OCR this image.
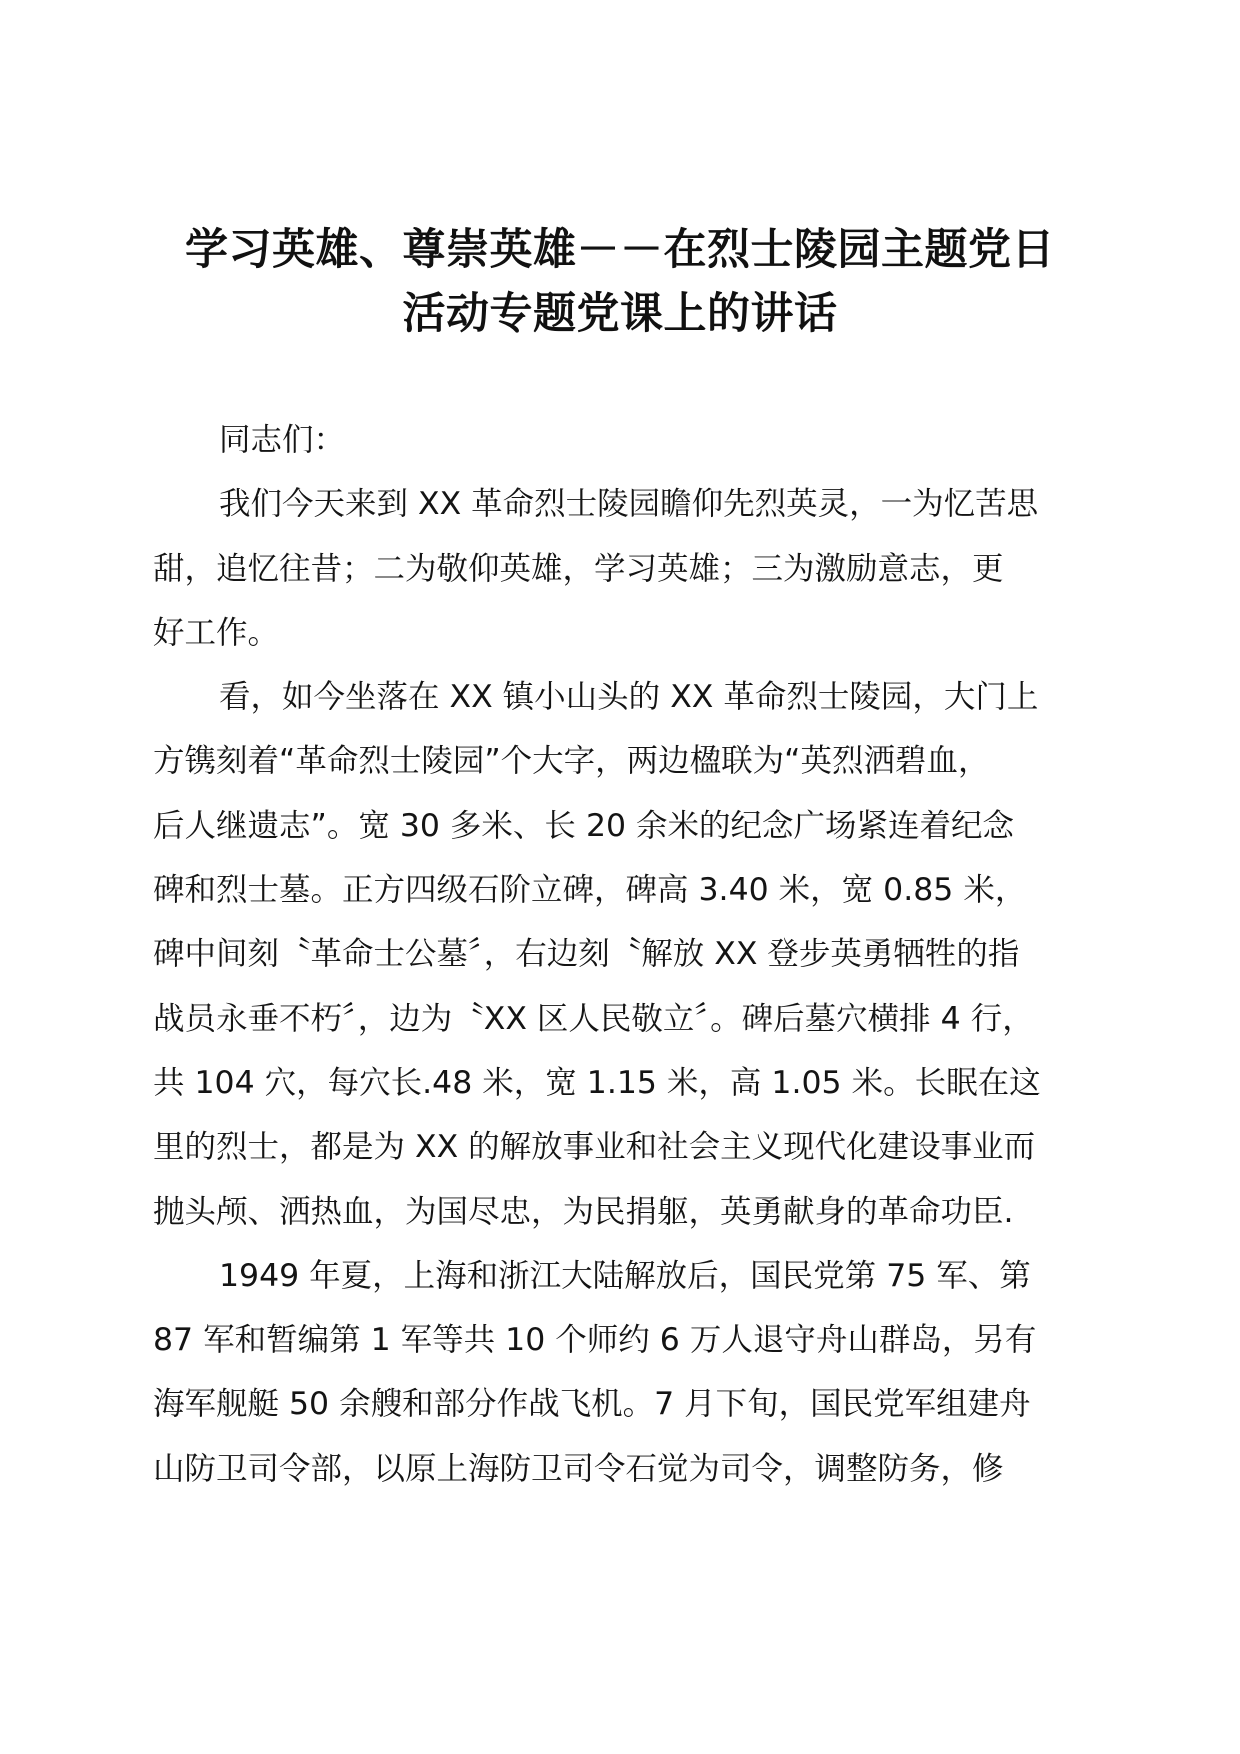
学习英雄、尊崇英雄－－在烈士陵园主题党日
活动专题党课上的讲话
同志们：
我们今天来到 XX 革命烈士陵园瞻仰先烈英灵，一为忆苦思
甜，追忆往昔；二为敬仰英雄，学习英雄；三为激励意志，更
好工作。
看，如今坐落在 XX 镇小山头的 XX 革命烈士陵园，大门上
方镌刻着“革命烈士陵园”个大字，两边楹联为“英烈洒碧血，
后人继遗志”。宽 30 多米、长 20 余米的纪念广场紧连着纪念
碑和烈士墓。正方四级石阶立碑，碑高 3.40 米，宽 0.85 米，
碑中间刻〝革命士公墓〞，右边刻〝解放 XX 登步英勇牺牲的指
战员永垂不朽〞，边为〝XX 区人民敬立〞。碑后墓穴横排 4 行，
共 104 穴，每穴长.48 米，宽 1.15 米，高 1.05 米。长眠在这
里的烈士，都是为 XX 的解放事业和社会主义现代化建设事业而
抛头颅、洒热血，为国尽忠，为民捐躯，英勇献身的革命功臣.
1949 年夏，上海和浙江大陆解放后，国民党第 75 军、第
87 军和暂编第 1 军等共 10 个师约 6 万人退守舟山群岛，另有
海军舰艇 50 余艘和部分作战飞机。7 月下旬，国民党军组建舟
山防卫司令部，以原上海防卫司令石觉为司令，调整防务，修
